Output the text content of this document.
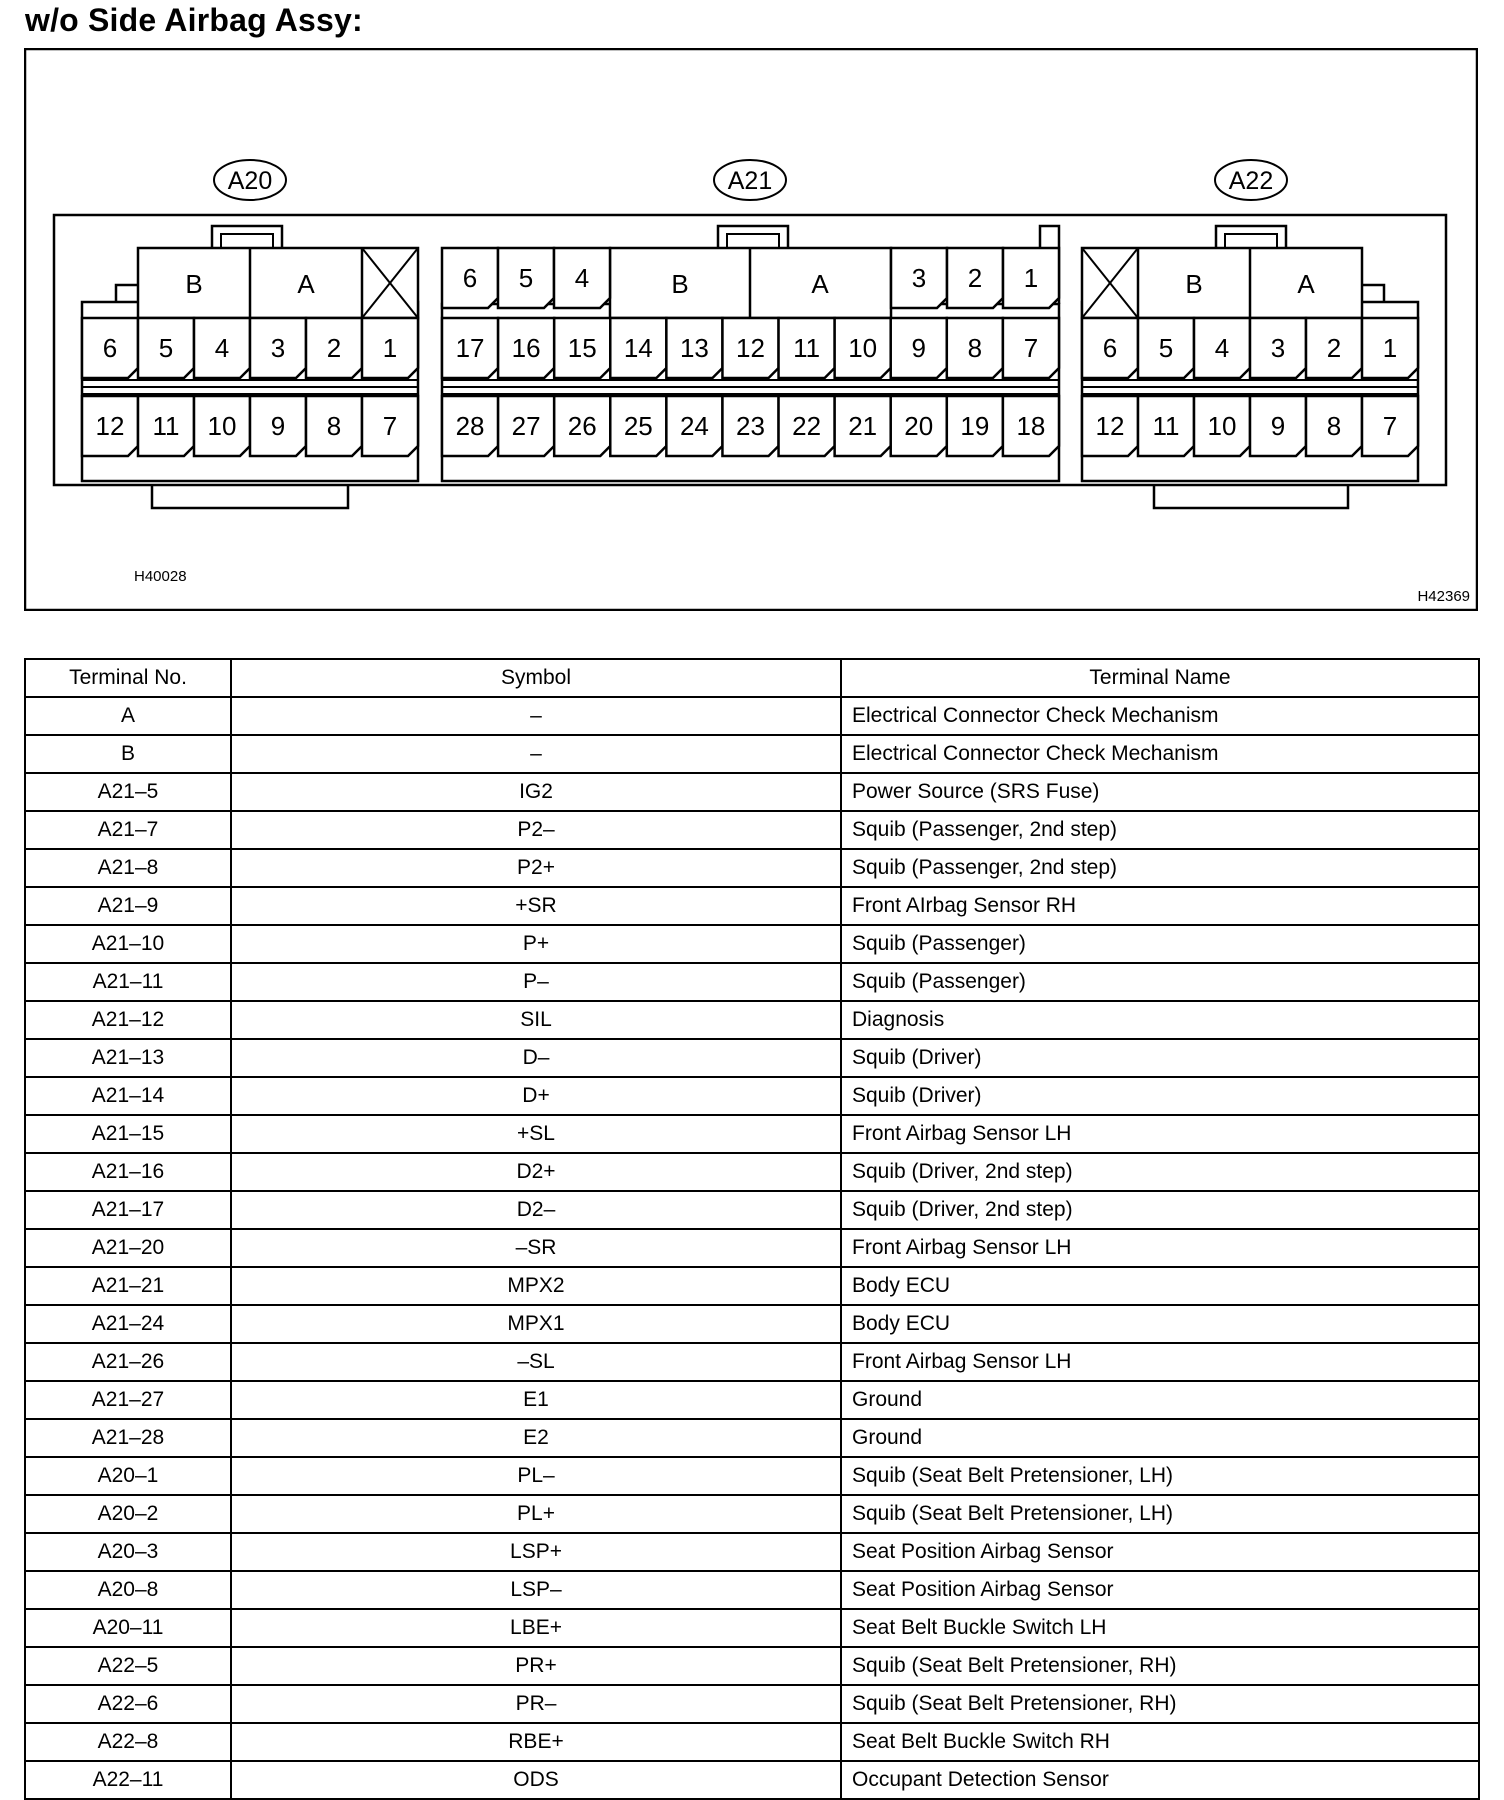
w/o Side Airbag Assy:
A20	A21	A22
B	A
6 5 4 3 2 1
12 11 10 9 8 7
B	A
6 5 4	3 2 1
17 16 15 14 13 12 11 10 9 8 7
28 27 26 25 24 23 22 21 20 19 18
B	A
6 5 4 3 2 1
12 11 10 9 8 7
H40028
H42369
Terminal No.	Symbol	Terminal Name
A	–	Electrical Connector Check Mechanism
B	–	Electrical Connector Check Mechanism
A21–5	IG2	Power Source (SRS Fuse)
A21–7	P2–	Squib (Passenger, 2nd step)
A21–8	P2+	Squib (Passenger, 2nd step)
A21–9	+SR	Front AIrbag Sensor RH
A21–10	P+	Squib (Passenger)
A21–11	P–	Squib (Passenger)
A21–12	SIL	Diagnosis
A21–13	D–	Squib (Driver)
A21–14	D+	Squib (Driver)
A21–15	+SL	Front Airbag Sensor LH
A21–16	D2+	Squib (Driver, 2nd step)
A21–17	D2–	Squib (Driver, 2nd step)
A21–20	–SR	Front Airbag Sensor LH
A21–21	MPX2	Body ECU
A21–24	MPX1	Body ECU
A21–26	–SL	Front Airbag Sensor LH
A21–27	E1	Ground
A21–28	E2	Ground
A20–1	PL–	Squib (Seat Belt Pretensioner, LH)
A20–2	PL+	Squib (Seat Belt Pretensioner, LH)
A20–3	LSP+	Seat Position Airbag Sensor
A20–8	LSP–	Seat Position Airbag Sensor
A20–11	LBE+	Seat Belt Buckle Switch LH
A22–5	PR+	Squib (Seat Belt Pretensioner, RH)
A22–6	PR–	Squib (Seat Belt Pretensioner, RH)
A22–8	RBE+	Seat Belt Buckle Switch RH
A22–11	ODS	Occupant Detection Sensor
